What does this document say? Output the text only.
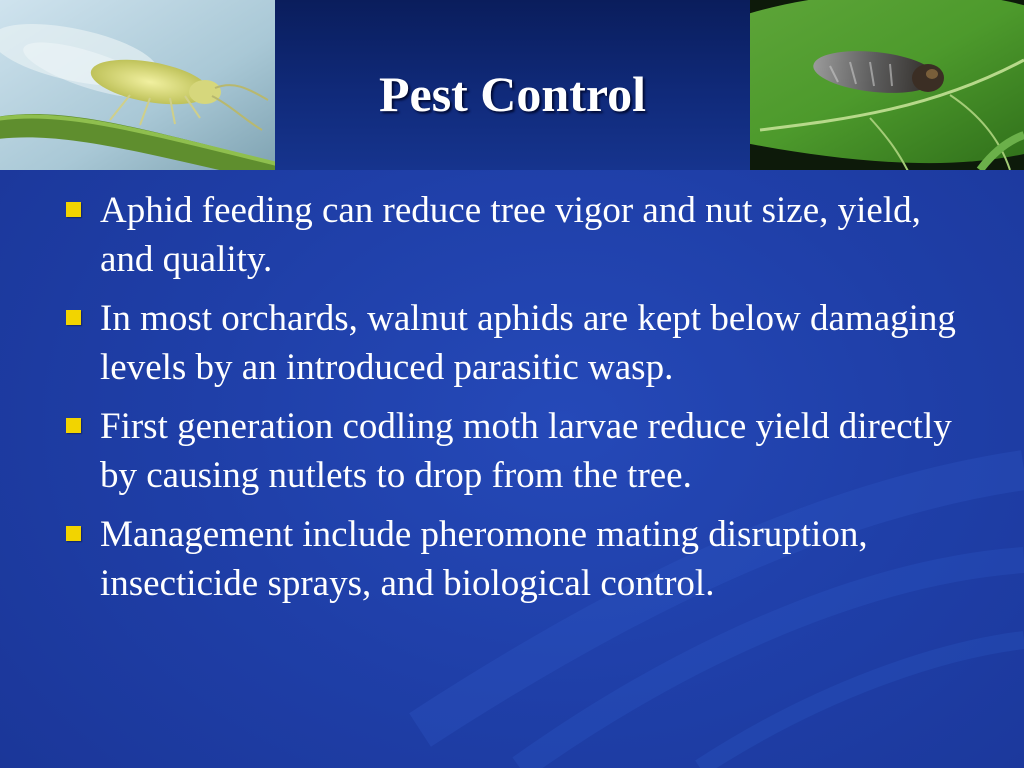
Pest Control
Aphid feeding can reduce tree vigor and nut size, yield, and quality.
In most orchards, walnut aphids are kept below damaging levels by an introduced parasitic wasp.
First generation codling moth larvae reduce yield directly by causing nutlets to drop from the tree.
Management include pheromone mating disruption, insecticide sprays, and biological control.
